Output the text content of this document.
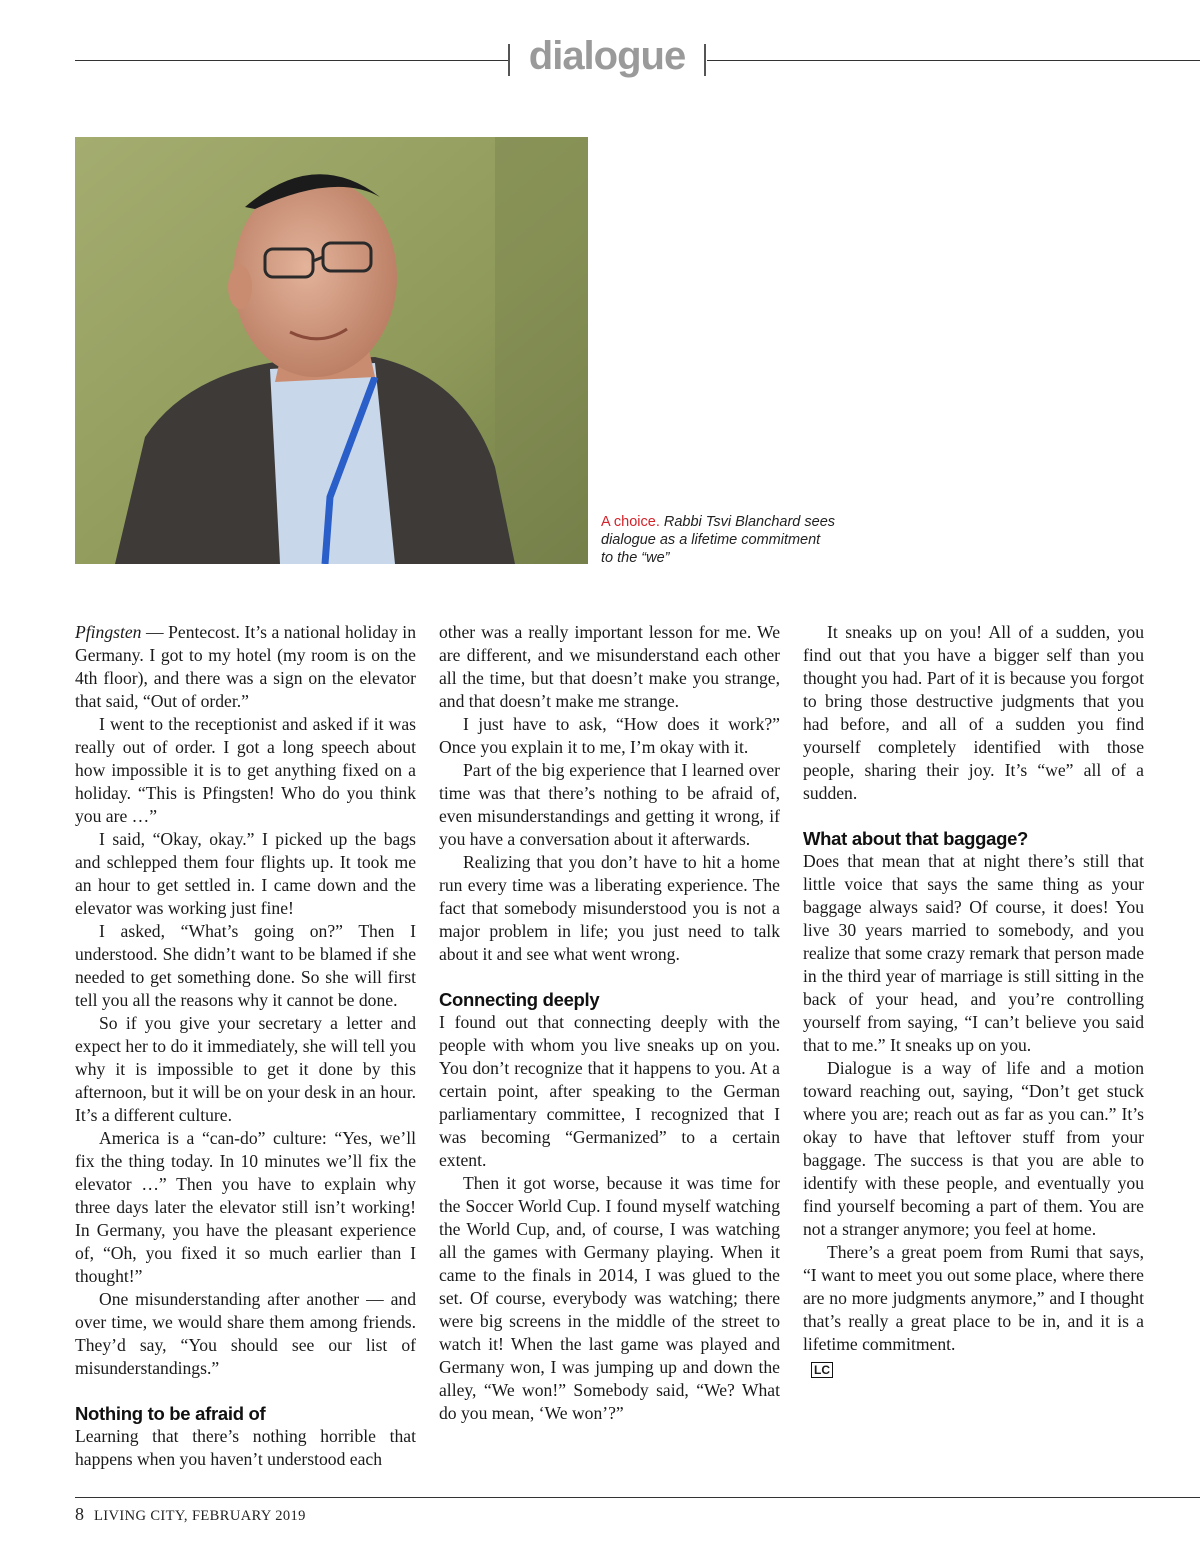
dialogue
A choice. Rabbi Tsvi Blanchard sees dialogue as a lifetime commitment to the “we”

Pfingsten — Pentecost. It’s a national holiday in Germany. I got to my hotel (my room is on the 4th floor), and there was a sign on the elevator that said, “Out of order.”

I went to the receptionist and asked if it was really out of order. I got a long speech about how impossible it is to get anything fixed on a holiday. “This is Pfingsten! Who do you think you are …”

I said, “Okay, okay.” I picked up the bags and schlepped them four flights up. It took me an hour to get settled in. I came down and the elevator was working just fine!

I asked, “What’s going on?” Then I understood. She didn’t want to be blamed if she needed to get something done. So she will first tell you all the reasons why it cannot be done.

So if you give your secretary a letter and expect her to do it immediately, she will tell you why it is impossible to get it done by this afternoon, but it will be on your desk in an hour. It’s a different culture.

America is a “can-do” culture: “Yes, we’ll fix the thing today. In 10 minutes we’ll fix the elevator …” Then you have to explain why three days later the elevator still isn’t working! In Germany, you have the pleasant experience of, “Oh, you fixed it so much earlier than I thought!”

One misunderstanding after another — and over time, we would share them among friends. They’d say, “You should see our list of misunderstandings.”

Nothing to be afraid of

Learning that there’s nothing horrible that happens when you haven’t understood each

other was a really important lesson for me. We are different, and we misunderstand each other all the time, but that doesn’t make you strange, and that doesn’t make me strange.

I just have to ask, “How does it work?” Once you explain it to me, I’m okay with it.

Part of the big experience that I learned over time was that there’s nothing to be afraid of, even misunderstandings and getting it wrong, if you have a conversation about it afterwards.

Realizing that you don’t have to hit a home run every time was a liberating experience. The fact that somebody misunderstood you is not a major problem in life; you just need to talk about it and see what went wrong.

Connecting deeply

I found out that connecting deeply with the people with whom you live sneaks up on you. You don’t recognize that it happens to you. At a certain point, after speaking to the German parliamentary committee, I recognized that I was becoming “Germanized” to a certain extent.

Then it got worse, because it was time for the Soccer World Cup. I found myself watching the World Cup, and, of course, I was watching all the games with Germany playing. When it came to the finals in 2014, I was glued to the set. Of course, everybody was watching; there were big screens in the middle of the street to watch it! When the last game was played and Germany won, I was jumping up and down the alley, “We won!” Somebody said, “We? What do you mean, ‘We won’?”

It sneaks up on you! All of a sudden, you find out that you have a bigger self than you thought you had. Part of it is because you forgot to bring those destructive judgments that you had before, and all of a sudden you find yourself completely identified with those people, sharing their joy. It’s “we” all of a sudden.

What about that baggage?

Does that mean that at night there’s still that little voice that says the same thing as your baggage always said? Of course, it does! You live 30 years married to somebody, and you realize that some crazy remark that person made in the third year of marriage is still sitting in the back of your head, and you’re controlling yourself from saying, “I can’t believe you said that to me.” It sneaks up on you.

Dialogue is a way of life and a motion toward reaching out, saying, “Don’t get stuck where you are; reach out as far as you can.” It’s okay to have that leftover stuff from your baggage. The success is that you are able to identify with these people, and eventually you find yourself becoming a part of them. You are not a stranger anymore; you feel at home.

There’s a great poem from Rumi that says, “I want to meet you out some place, where there are no more judgments anymore,” and I thought that’s really a great place to be in, and it is a lifetime commitment.

LC

8 LIVING CITY, FEBRUARY 2019
